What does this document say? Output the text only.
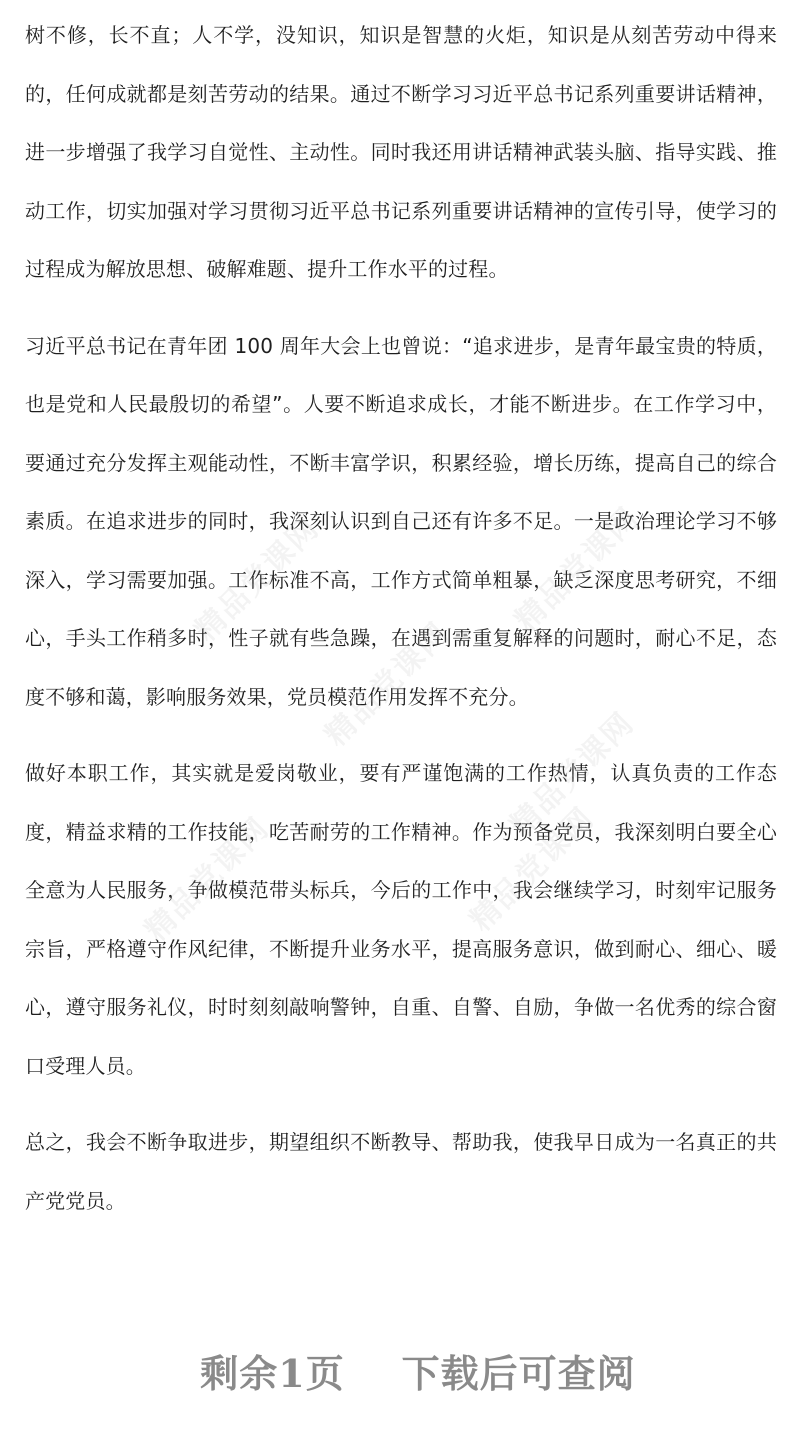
树不修，长不直；人不学，没知识，知识是智慧的火炬，知识是从刻苦劳动中得来的，任何成就都是刻苦劳动的结果。通过不断学习习近平总书记系列重要讲话精神，进一步增强了我学习自觉性、主动性。同时我还用讲话精神武装头脑、指导实践、推动工作，切实加强对学习贯彻习近平总书记系列重要讲话精神的宣传引导，使学习的过程成为解放思想、破解难题、提升工作水平的过程。

习近平总书记在青年团 100 周年大会上也曾说：“追求进步，是青年最宝贵的特质，也是党和人民最殷切的希望”。人要不断追求成长，才能不断进步。在工作学习中，要通过充分发挥主观能动性，不断丰富学识，积累经验，增长历练，提高自己的综合素质。在追求进步的同时，我深刻认识到自己还有许多不足。一是政治理论学习不够深入，学习需要加强。工作标准不高，工作方式简单粗暴，缺乏深度思考研究，不细心，手头工作稍多时，性子就有些急躁，在遇到需重复解释的问题时，耐心不足，态度不够和蔼，影响服务效果，党员模范作用发挥不充分。

做好本职工作，其实就是爱岗敬业，要有严谨饱满的工作热情，认真负责的工作态度，精益求精的工作技能，吃苦耐劳的工作精神。作为预备党员，我深刻明白要全心全意为人民服务，争做模范带头标兵，今后的工作中，我会继续学习，时刻牢记服务宗旨，严格遵守作风纪律，不断提升业务水平，提高服务意识，做到耐心、细心、暖心，遵守服务礼仪，时时刻刻敲响警钟，自重、自警、自励，争做一名优秀的综合窗口受理人员。

总之，我会不断争取进步，期望组织不断教导、帮助我，使我早日成为一名真正的共产党党员。

精品党课网	精品党课网
精品党课网
精品党课网
精品党课网	精品党课网
剩余1页 下载后可查阅
